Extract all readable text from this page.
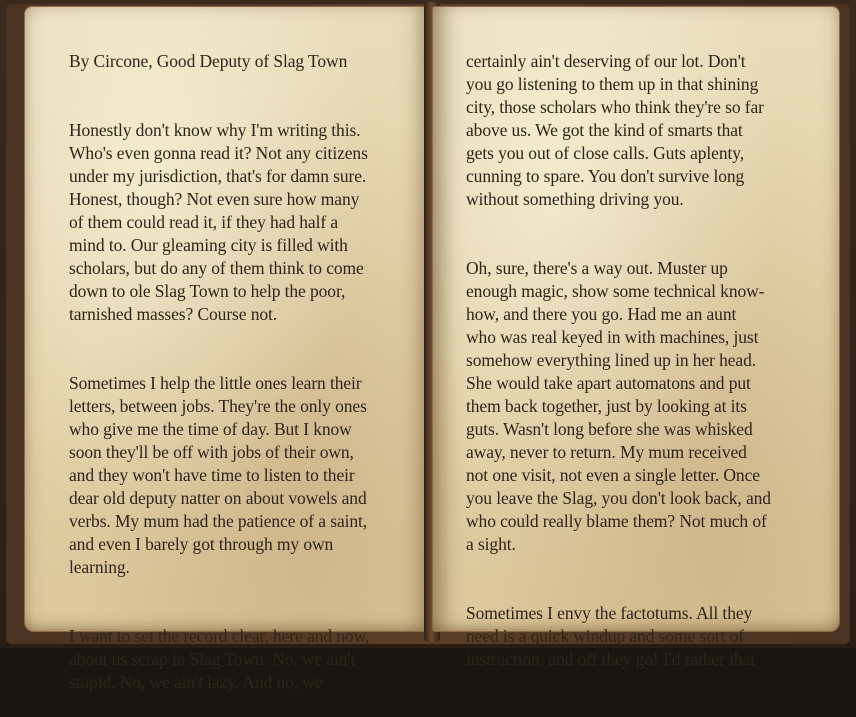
By Circone, Good Deputy of Slag Town

Honestly don't know why I'm writing this.
Who's even gonna read it? Not any citizens
under my jurisdiction, that's for damn sure.
Honest, though? Not even sure how many
of them could read it, if they had half a
mind to. Our gleaming city is filled with
scholars, but do any of them think to come
down to ole Slag Town to help the poor,
tarnished masses? Course not.

Sometimes I help the little ones learn their
letters, between jobs. They're the only ones
who give me the time of day. But I know
soon they'll be off with jobs of their own,
and they won't have time to listen to their
dear old deputy natter on about vowels and
verbs. My mum had the patience of a saint,
and even I barely got through my own
learning.

I want to set the record clear, here and now,
about us scrap in Slag Town. No, we ain't
stupid. No, we ain't lazy. And no, we

certainly ain't deserving of our lot. Don't
you go listening to them up in that shining
city, those scholars who think they're so far
above us. We got the kind of smarts that
gets you out of close calls. Guts aplenty,
cunning to spare. You don't survive long
without something driving you.

Oh, sure, there's a way out. Muster up
enough magic, show some technical know-
how, and there you go. Had me an aunt
who was real keyed in with machines, just
somehow everything lined up in her head.
She would take apart automatons and put
them back together, just by looking at its
guts. Wasn't long before she was whisked
away, never to return. My mum received
not one visit, not even a single letter. Once
you leave the Slag, you don't look back, and
who could really blame them? Not much of
a sight.

Sometimes I envy the factotums. All they
need is a quick windup and some sort of
instruction, and off they go! I'd rather that
